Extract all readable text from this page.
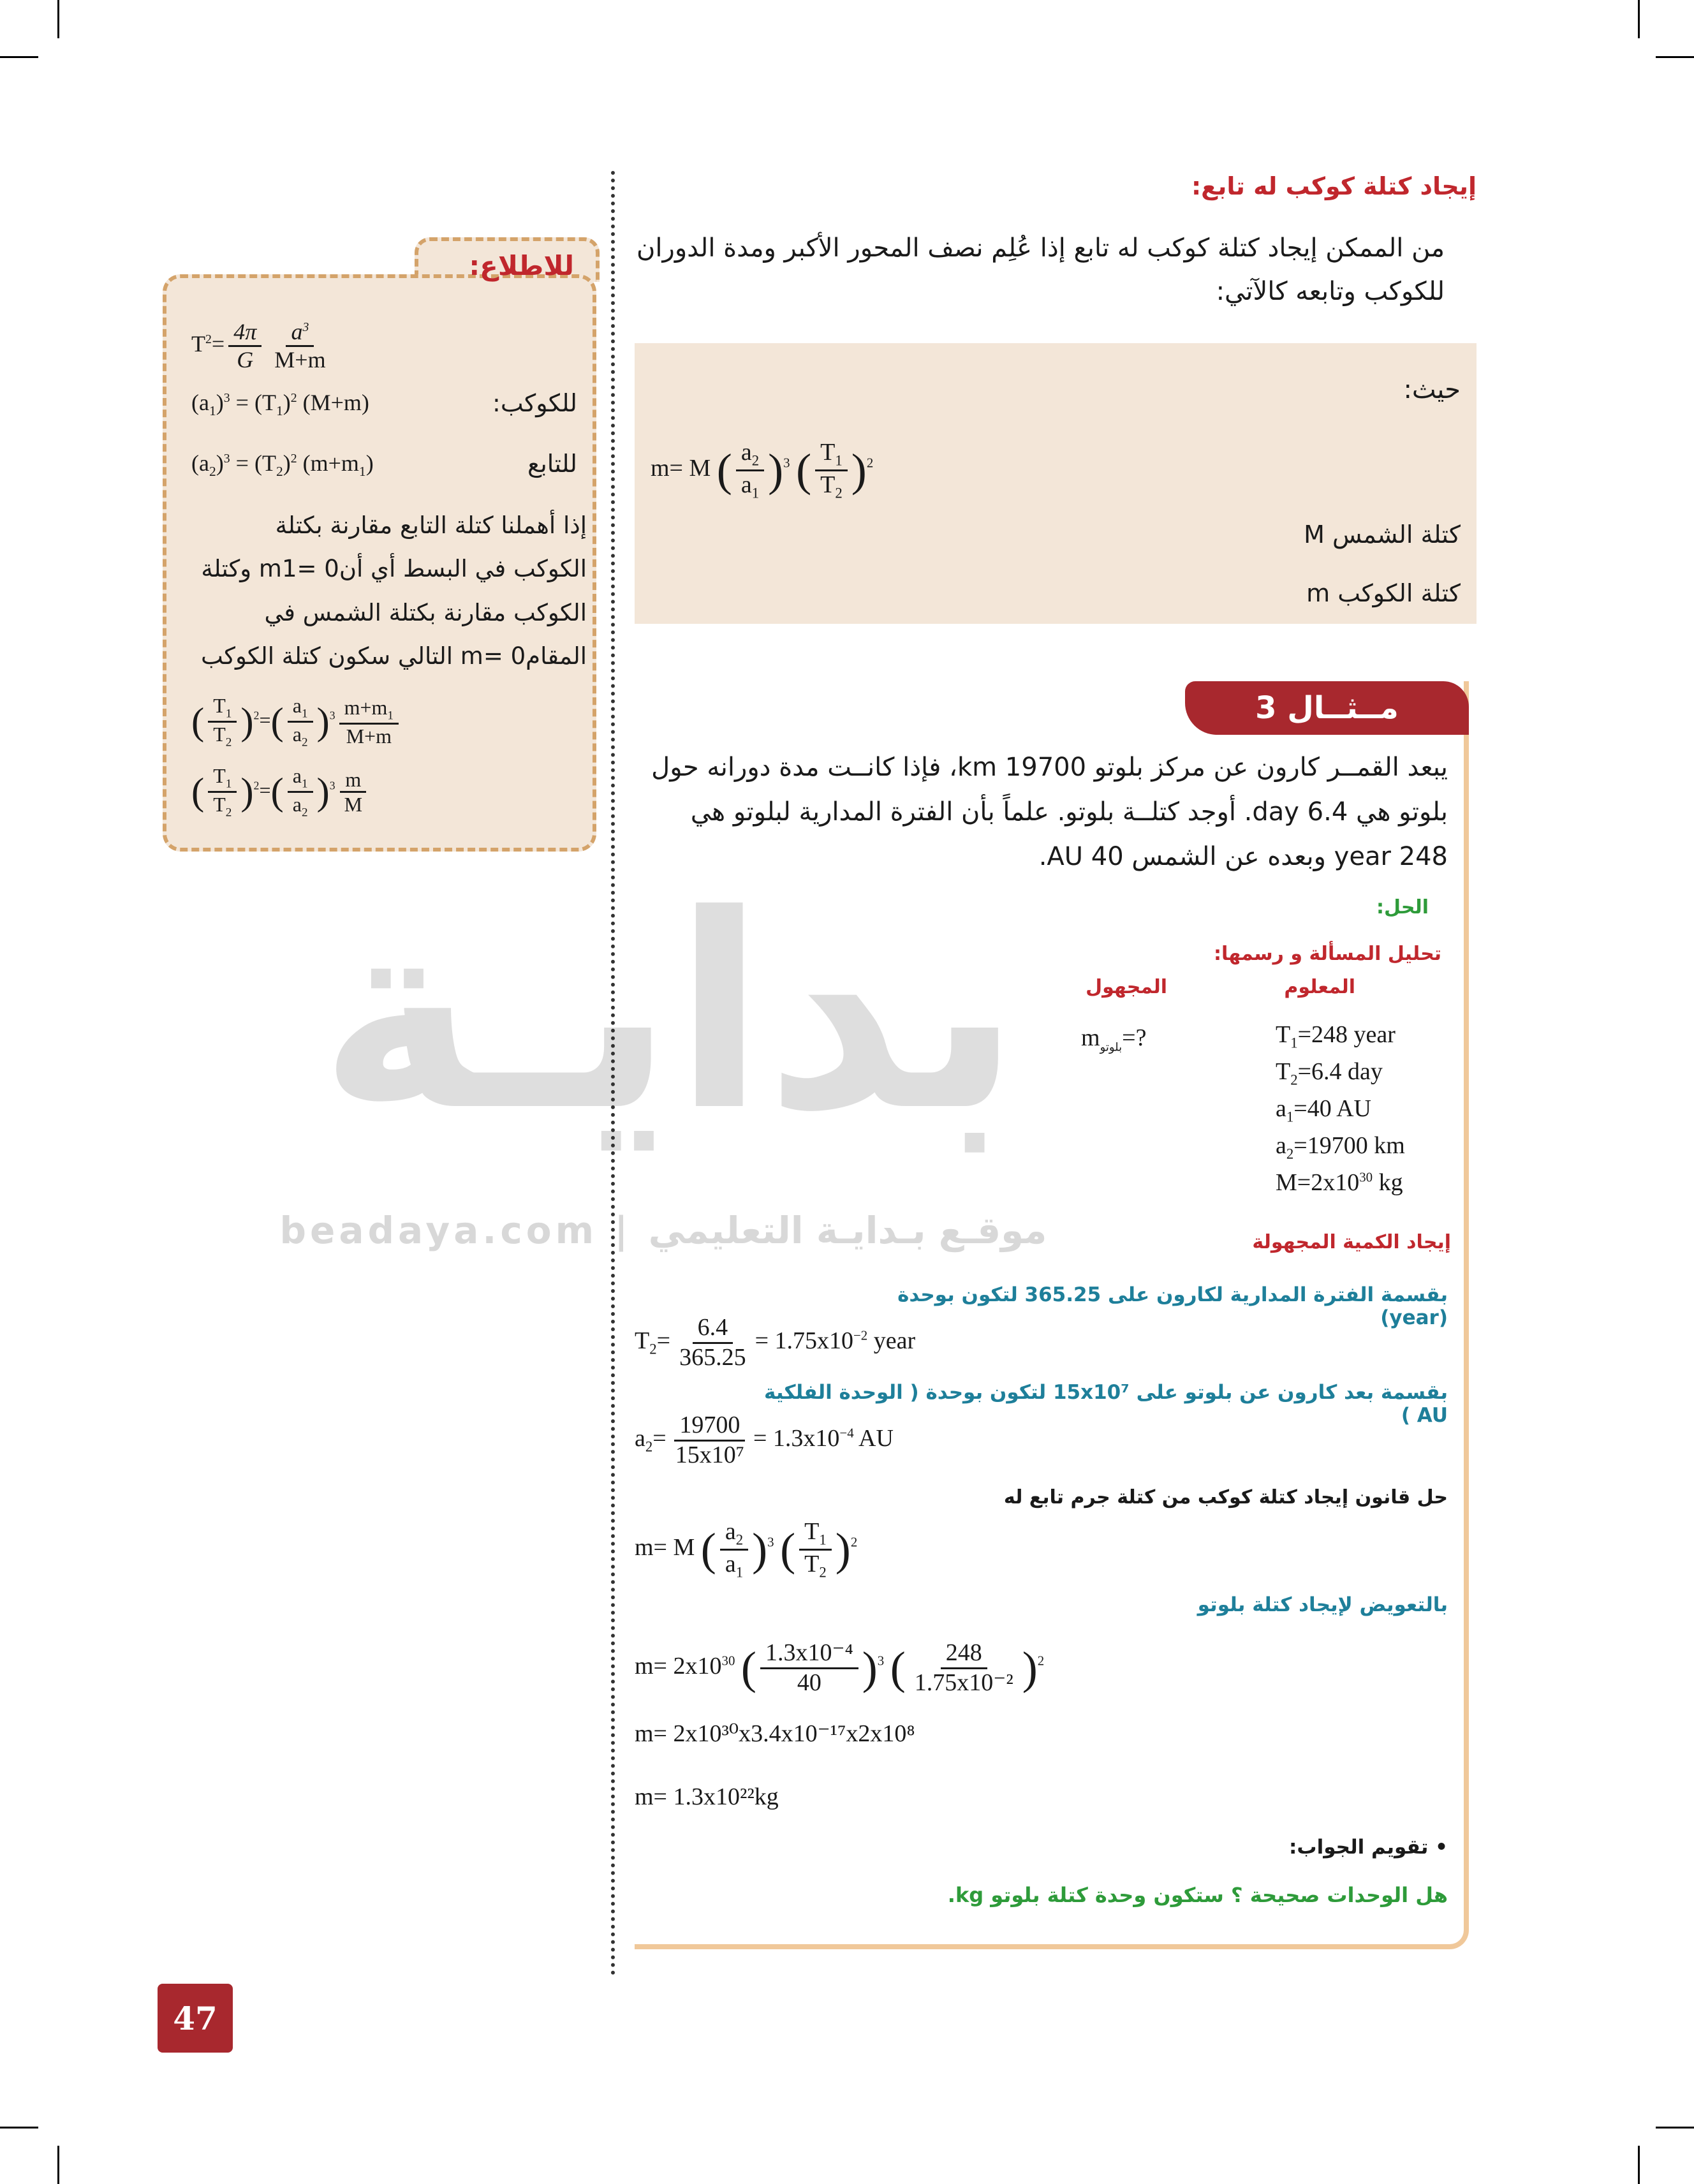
بدايـة
beadaya.com | موقـع بـدايـة التعليمي
إيجاد كتلة كوكب له تابع:
من الممكن إيجاد كتلة كوكب له تابع إذا عُلِم نصف المحور الأكبر ومدة الدوران للكوكب وتابعه كالآتي:
حيث:
m= M ( $\frac{a_2}{a_1} )^3$ ( $\frac{T_1}{T_2} )^2$
كتلة الشمس M
كتلة الكوكب m
مــثــال 3
يبعد القمــر كارون عن مركز بلوتو 19700 km، فإذا كانــت مدة دورانه حول بلوتو هي 6.4 day. أوجد كتلــة بلوتو. علماً بأن الفترة المدارية لبلوتو هي 248 year وبعده عن الشمس 40 AU.
الحل:
تحليل المسألة و رسمها:
المعلوم
المجهول
$m_{بلوتو}=$?	$T_1=248$ year
$T_2=6.4$ day
$a_1=40$ AU
$a_2=19700$ km
$M=2x10^{30}$ kg
إيجاد الكمية المجهولة
بقسمة الفترة المدارية لكارون على 365.25 لتكون بوحدة (year)
$T_2= \frac{6.4}{365.25} = 1.75x10^{-2}$ year
بقسمة بعد كارون عن بلوتو على 15x10⁷ لتكون بوحدة ( الوحدة الفلكية AU )
$a_2= \frac{19700}{\text{15x10⁷}} = 1.3x10^{-4}$ AU
حل قانون إيجاد كتلة كوكب من كتلة جرم تابع له
m= M ( $\frac{a_2}{a_1} )^3$ ( $\frac{T_1}{T_2} )^2$
بالتعويض لإيجاد كتلة بلوتو
$m= 2x10^{30}$ ( $\frac{\text{1.3x10⁻⁴}}{40} )^3$ ( $\frac{248}{\text{1.75x10⁻²}} )^2$
m= 2x10³⁰x3.4x10⁻¹⁷x2x10⁸
m= 1.3x10²²kg
• تقويم الجواب:
هل الوحدات صحيحة ؟ ستكون وحدة كتلة بلوتو kg.
للاطلاع:
$T^2= \frac{4\pi}{G} \frac{a^3}{M+m}$
$(a_1)^3 = (T_1)^2$ (M+m)	للكوكب:
$(a_2)^3 = (T_2)^2$ $(m+m_1)$	للتابع
إذا أهملنا كتلة التابع مقارنة بكتلة الكوكب في البسط أي أن0 =m1 وكتلة الكوكب مقارنة بكتلة الشمس في المقام0 =m التالي سكون كتلة الكوكب
( $\frac{T_1}{T_2} )^2=( \frac{a_1}{a_2} )^3 \frac{m+m_1}{M+m}$
( $\frac{T_1}{T_2} )^2=( \frac{a_1}{a_2} )^3 \frac{m}{M}$
47
